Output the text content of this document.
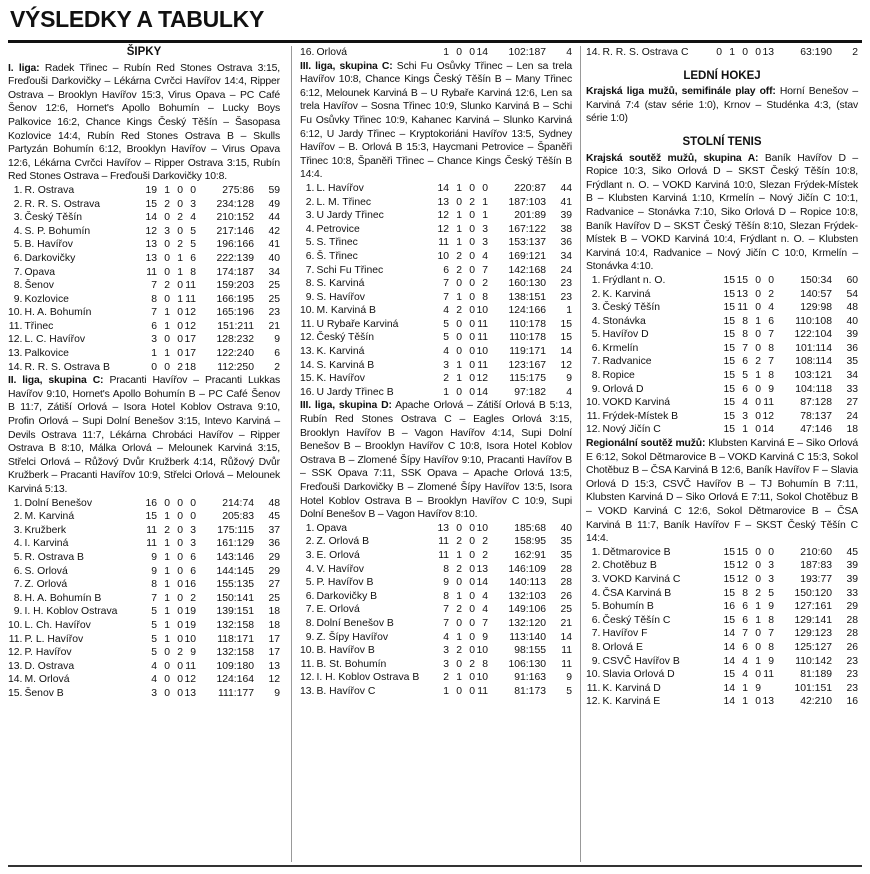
VÝSLEDKY A TABULKY
ŠIPKY

I. liga: Radek Třinec – Rubín Red Stones Ostrava 3:15, Freďouši Darkovičky – Lékárna Cvrčci Havířov 14:4, Ripper Ostrava – Brooklyn Havířov 15:3, Virus Opava – PC Café Šenov 12:6, Hornet's Apollo Bohumín – Lucky Boys Palkovice 16:2, Chance Kings Český Těšín – Šasopasa Kozlovice 14:4, Rubín Red Stones Ostrava B – Skulls Partyzán Bohumín 6:12, Brooklyn Havířov – Virus Opava 12:6, Lékárna Cvrčci Havířov – Ripper Ostrava 3:15, Rubín Red Stones Ostrava – Freďouši Darkovičky 10:8.

1.	R. Ostrava	19	1	0	0	275:86	59
2.	R. R. S. Ostrava	15	2	0	3	234:128	49
3.	Český Těšín	14	0	2	4	210:152	44
4.	S. P. Bohumín	12	3	0	5	217:146	42
5.	B. Havířov	13	0	2	5	196:166	41
6.	Darkovičky	13	0	1	6	222:139	40
7.	Opava	11	0	1	8	174:187	34
8.	Šenov	7	2	0	11	159:203	25
9.	Kozlovice	8	0	1	11	166:195	25
10.	H. A. Bohumín	7	1	0	12	165:196	23
11.	Třinec	6	1	0	12	151:211	21
12.	L. C. Havířov	3	0	0	17	128:232	9
13.	Palkovice	1	1	0	17	122:240	6
14.	R. R. S. Ostrava B	0	0	2	18	112:250	2

II. liga, skupina C: Pracanti Havířov – Pracanti Lukkas Havířov 9:10, Hornet's Apollo Bohumín B – PC Café Šenov B 11:7, Zátiší Orlová – Isora Hotel Koblov Ostrava 9:10, Profin Orlová – Supi Dolní Benešov 3:15, Intevo Karviná – Devils Ostrava 11:7, Lékárna Chrobáci Havířov – Ripper Ostrava B 8:10, Málka Orlová – Melounek Karviná 3:15, Střelci Orlová – Růžový Dvůr Kružberk 4:14, Růžový Dvůr Kružberk – Pracanti Havířov 10:9, Střelci Orlová – Melounek Karviná 5:13.

1.	Dolní Benešov	16	0	0	0	214:74	48
2.	M. Karviná	15	1	0	0	205:83	45
3.	Kružberk	11	2	0	3	175:115	37
4.	I. Karviná	11	1	0	3	161:129	36
5.	R. Ostrava B	9	1	0	6	143:146	29
6.	S. Orlová	9	1	0	6	144:145	29
7.	Z. Orlová	8	1	0	16	155:135	27
8.	H. A. Bohumín B	7	1	0	2	150:141	25
9.	I. H. Koblov Ostrava	5	1	0	19	139:151	18
10.	L. Ch. Havířov	5	1	0	19	132:158	18
11.	P. L. Havířov	5	1	0	10	118:171	17
12.	P. Havířov	5	0	2	9	132:158	17
13.	D. Ostrava	4	0	0	11	109:180	13
14.	M. Orlová	4	0	0	12	124:164	12
15.	Šenov B	3	0	0	13	111:177	9
16.	Orlová	1	0	0	14	102:187	4

III. liga, skupina C: Schi Fu Osůvky Třinec – Len sa trela Havířov 10:8, Chance Kings Český Těšín B – Many Třinec 6:12, Melounek Karviná B – U Rybaře Karviná 12:6, Len sa trela Havířov – Sosna Třinec 10:9, Slunko Karviná B – Schi Fu Osůvky Třinec 10:9, Kahanec Karviná – Slunko Karviná 6:12, U Jardy Třinec – Kryptokoriáni Havířov 13:5, Sydney Havířov – B. Orlová B 15:3, Haycmani Petrovice – Španěři Třinec 10:8, Španěři Třinec – Chance Kings Český Těšín B 14:4.

1.	L. Havířov	14	1	0	0	220:87	44
2.	L. M. Třinec	13	0	2	1	187:103	41
3.	U Jardy Třinec	12	1	0	1	201:89	39
4.	Petrovice	12	1	0	3	167:122	38
5.	S. Třinec	11	1	0	3	153:137	36
6.	Š. Třinec	10	2	0	4	169:121	34
7.	Schi Fu Třinec	6	2	0	7	142:168	24
8.	S. Karviná	7	0	0	2	160:130	23
9.	S. Havířov	7	1	0	8	138:151	23
10.	M. Karviná B	4	2	0	10	124:166	1
11.	U Rybaře Karviná	5	0	0	11	110:178	15
12.	Český Těšín	5	0	0	11	110:178	15
13.	K. Karviná	4	0	0	10	119:171	14
14.	S. Karviná B	3	1	0	11	123:167	12
15.	K. Havířov	2	1	0	12	115:175	9
16.	U Jardy Třinec B	1	0	0	14	97:182	4

III. liga, skupina D: Apache Orlová – Zátiší Orlová B 5:13, Rubín Red Stones Ostrava C – Eagles Orlová 3:15, Brooklyn Havířov B – Vagon Havířov 4:14, Supi Dolní Benešov B – Brooklyn Havířov C 10:8, Isora Hotel Koblov Ostrava B – Zlomené Šípy Havířov 9:10, Pracanti Havířov B – SSK Opava 7:11, SSK Opava – Apache Orlová 13:5, Freďouši Darkovičky B – Zlomené Šípy Havířov 13:5, Isora Hotel Koblov Ostrava B – Brooklyn Havířov C 10:9, Supi Dolní Benešov B – Vagon Havířov 8:10.

1.	Opava	13	0	0	10	185:68	40
2.	Z. Orlová B	11	2	0	2	158:95	35
3.	E. Orlová	11	1	0	2	162:91	35
4.	V. Havířov	8	2	0	13	146:109	28
5.	P. Havířov B	9	0	0	14	140:113	28
6.	Darkovičky B	8	1	0	4	132:103	26
7.	E. Orlová	7	2	0	4	149:106	25
8.	Dolní Benešov B	7	0	0	7	132:120	21
9.	Z. Šípy Havířov	4	1	0	9	113:140	14
10.	B. Havířov B	3	2	0	10	98:155	11
11.	B. St. Bohumín	3	0	2	8	106:130	11
12.	I. H. Koblov Ostrava B	2	1	0	10	91:163	9
13.	B. Havířov C	1	0	0	11	81:173	5
14.	R. R. S. Ostrava C	0	1	0	0	13	63:190	2
LEDNÍ HOKEJ

Krajská liga mužů, semifinále play off: Horní Benešov – Karviná 7:4 (stav série 1:0), Krnov – Studénka 4:3, (stav série 1:0)

STOLNÍ TENIS

Krajská soutěž mužů, skupina A: Baník Havířov D – Ropice 10:3, Siko Orlová D – SKST Český Těšín 10:8, Frýdlant n. O. – VOKD Karviná 10:0, Slezan Frýdek-Místek B – Klubsten Karviná 1:10, Krmelín – Nový Jičín C 10:1, Radvanice – Stonávka 7:10, Siko Orlová D – Ropice 10:8, Baník Havířov D – SKST Český Těšín 8:10, Slezan Frýdek-Místek B – VOKD Karviná 10:4, Frýdlant n. O. – Klubsten Karviná 10:4, Radvanice – Nový Jičín C 10:0, Krmelín – Stonávka 4:10.

1.	Frýdlant n. O.	15	15	0	0	150:34	60
2.	K. Karviná	15	13	0	2	140:57	54
3.	Český Těšín	15	11	0	4	129:98	48
4.	Stonávka	15	8	1	6	110:108	40
5.	Havířov D	15	8	0	7	122:104	39
6.	Krmelín	15	7	0	8	101:114	36
7.	Radvanice	15	6	2	7	108:114	35
8.	Ropice	15	5	1	8	103:121	34
9.	Orlová D	15	6	0	9	104:118	33
10.	VOKD Karviná	15	4	0	11	87:128	27
11.	Frýdek-Místek B	15	3	0	12	78:137	24
12.	Nový Jičín C	15	1	0	14	47:146	18

Regionální soutěž mužů: Klubsten Karviná E – Siko Orlová E 6:12, Sokol Dětmarovice B – VOKD Karviná C 15:3, Sokol Chotěbuz B – ČSA Karviná B 12:6, Baník Havířov F – Slavia Orlová D 15:3, CSVČ Havířov B – TJ Bohumín B 7:11, Klubsten Karviná D – Siko Orlová E 7:11, Sokol Chotěbuz B – VOKD Karviná C 12:6, Sokol Dětmarovice B – ČSA Karviná B 11:7, Baník Havířov F – SKST Český Těšín C 14:4.

1.	Dětmarovice B	15	15	0	0	210:60	45
2.	Chotěbuz B	15	12	0	3	187:83	39
3.	VOKD Karviná C	15	12	0	3	193:77	39
4.	ČSA Karviná B	15	8	2	5	150:120	33
5.	Bohumín B	16	6	1	9	127:161	29
6.	Český Těšín C	15	6	1	8	129:141	28
7.	Havířov F	14	7	0	7	129:123	28
8.	Orlová E	14	6	0	8	125:127	26
9.	CSVČ Havířov B	14	4	1	9	110:142	23
10.	Slavia Orlová D	15	4	0	11	81:189	23
11.	K. Karviná D	14	1	9		101:151	23
12.	K. Karviná E	14	1	0	13	42:210	16
